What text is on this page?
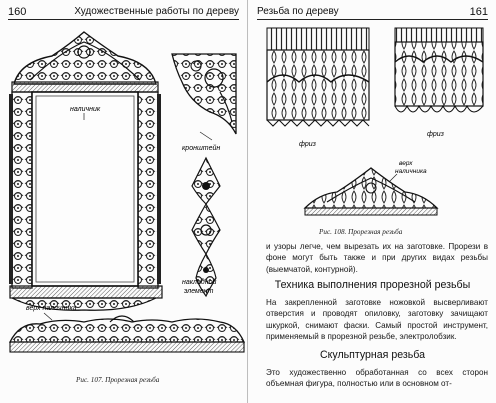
160	Художественные работы по дереву
наличник
кронштейн
накладной
элемент
верх наличника
Рис. 107. Прорезная резьба
Резьба по дереву	161
фриз
фриз
верх
наличника
Рис. 108. Прорезная резьба
и узоры легче, чем вырезать их на заготовке. Прорези в фоне могут быть также и при других видах резьбы (выемчатой, контурной).
Техника выполнения прорезной резьбы
На закрепленной заготовке ножовкой высверливают отверстия и проводят опиловку, заготовку зачищают шкуркой, снимают фаски. Самый простой инструмент, применяемый в прорезной резьбе, электролобзик.
Скульптурная резьба
Это художественно обработанная со всех сторон объемная фигура, полностью или в основном от-
